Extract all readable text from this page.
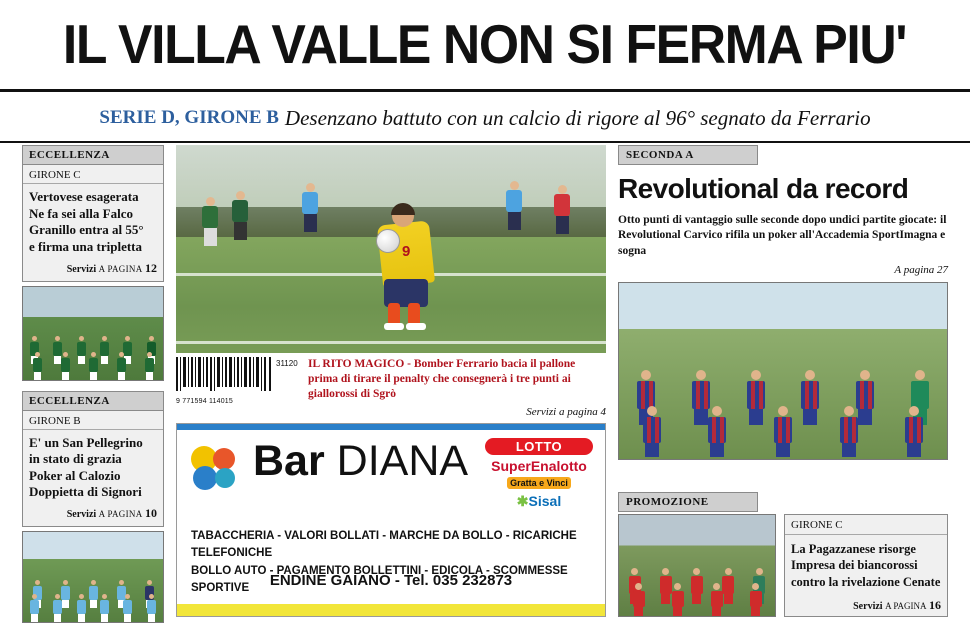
IL VILLA VALLE NON SI FERMA PIU'
SERIE D, GIRONE B Desenzano battuto con un calcio di rigore al 96° segnato da Ferrario
ECCELLENZA
GIRONE C
Vertovese esagerata
Ne fa sei alla Falco
Granillo entra al 55°
e firma una tripletta
Servizi A PAGINA 12
ECCELLENZA
GIRONE B
E' un San Pellegrino
in stato di grazia
Poker al Calozio
Doppietta di Signori
Servizi A PAGINA 10
9
9 771594 114015
31120 IL RITO MAGICO - Bomber Ferrario bacia il pallone prima di tirare il penalty che consegnerà i tre punti ai giallorossi di Sgrò
Servizi a pagina 4
Bar DIANA	LOTTO
SuperEnalotto
Gratta e Vinci
✱Sisal
TABACCHERIA - VALORI BOLLATI - MARCHE DA BOLLO - RICARICHE TELEFONICHE
BOLLO AUTO - PAGAMENTO BOLLETTINI - EDICOLA - SCOMMESSE SPORTIVE	ENDINE GAIANO - Tel. 035 232873
SECONDA A
Revolutional da record
Otto punti di vantaggio sulle seconde dopo undici partite giocate: il Revolutional Carvico rifila un poker all'Accademia SportImagna e sogna
A pagina 27
PROMOZIONE
GIRONE C
La Pagazzanese risorge
Impresa dei biancorossi
contro la rivelazione Cenate
Servizi A PAGINA 16
